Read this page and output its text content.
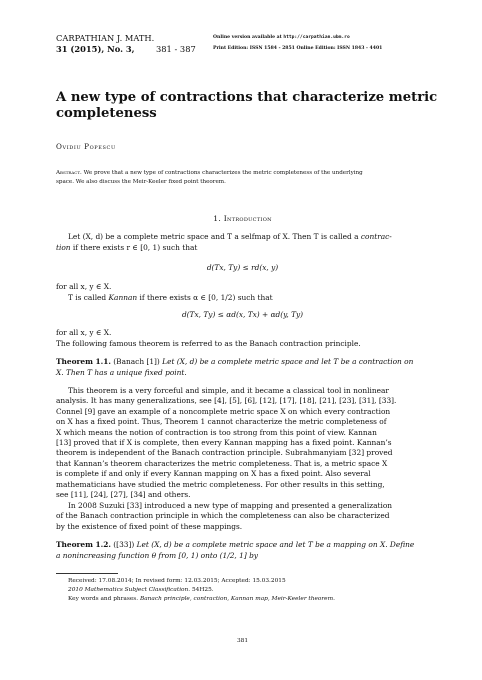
CARPATHIAN J. MATH.
31 (2015), No. 3,	381 - 387
Online version available at http://carpathian.ubm.ro
Print Edition: ISSN 1584 - 2851 Online Edition: ISSN 1843 - 4401
A new type of contractions that characterize metric
completeness
Ovidiu Popescu
Abstract. We prove that a new type of contractions characterizes the metric completeness of the underlying
space. We also discuss the Meir-Keeler fixed point theorem.
1. Introduction
Let (X, d) be a complete metric space and T a selfmap of X. Then T is called a contrac-
tion if there exists r ∈ [0, 1) such that
d(Tx, Ty) ≤ rd(x, y)
for all x, y ∈ X.
T is called Kannan if there exists α ∈ [0, 1/2) such that
d(Tx, Ty) ≤ αd(x, Tx) + αd(y, Ty)
for all x, y ∈ X.
The following famous theorem is referred to as the Banach contraction principle.
Theorem 1.1. (Banach [1]) Let (X, d) be a complete metric space and let T be a contraction on
X. Then T has a unique fixed point.
This theorem is a very forceful and simple, and it became a classical tool in nonlinear
analysis. It has many generalizations, see [4], [5], [6], [12], [17], [18], [21], [23], [31], [33].
Connel [9] gave an example of a noncomplete metric space X on which every contraction
on X has a fixed point. Thus, Theorem 1 cannot characterize the metric completeness of
X which means the notion of contraction is too strong from this point of view. Kannan
[13] proved that if X is complete, then every Kannan mapping has a fixed point. Kannan’s
theorem is independent of the Banach contraction principle. Subrahmanyiam [32] proved
that Kannan’s theorem characterizes the metric completeness. That is, a metric space X
is complete if and only if every Kannan mapping on X has a fixed point. Also several
mathematicians have studied the metric completeness. For other results in this setting,
see [11], [24], [27], [34] and others.
In 2008 Suzuki [33] introduced a new type of mapping and presented a generalization
of the Banach contraction principle in which the completeness can also be characterized
by the existence of fixed point of these mappings.
Theorem 1.2. ([33]) Let (X, d) be a complete metric space and let T be a mapping on X. Define
a nonincreasing function θ from [0, 1) onto (1/2, 1] by
Received: 17.08.2014; In revised form: 12.03.2015; Accepted: 15.03.2015
2010 Mathematics Subject Classification. 54H25.
Key words and phrases. Banach principle, contraction, Kannan map, Meir-Keeler theorem.
381
